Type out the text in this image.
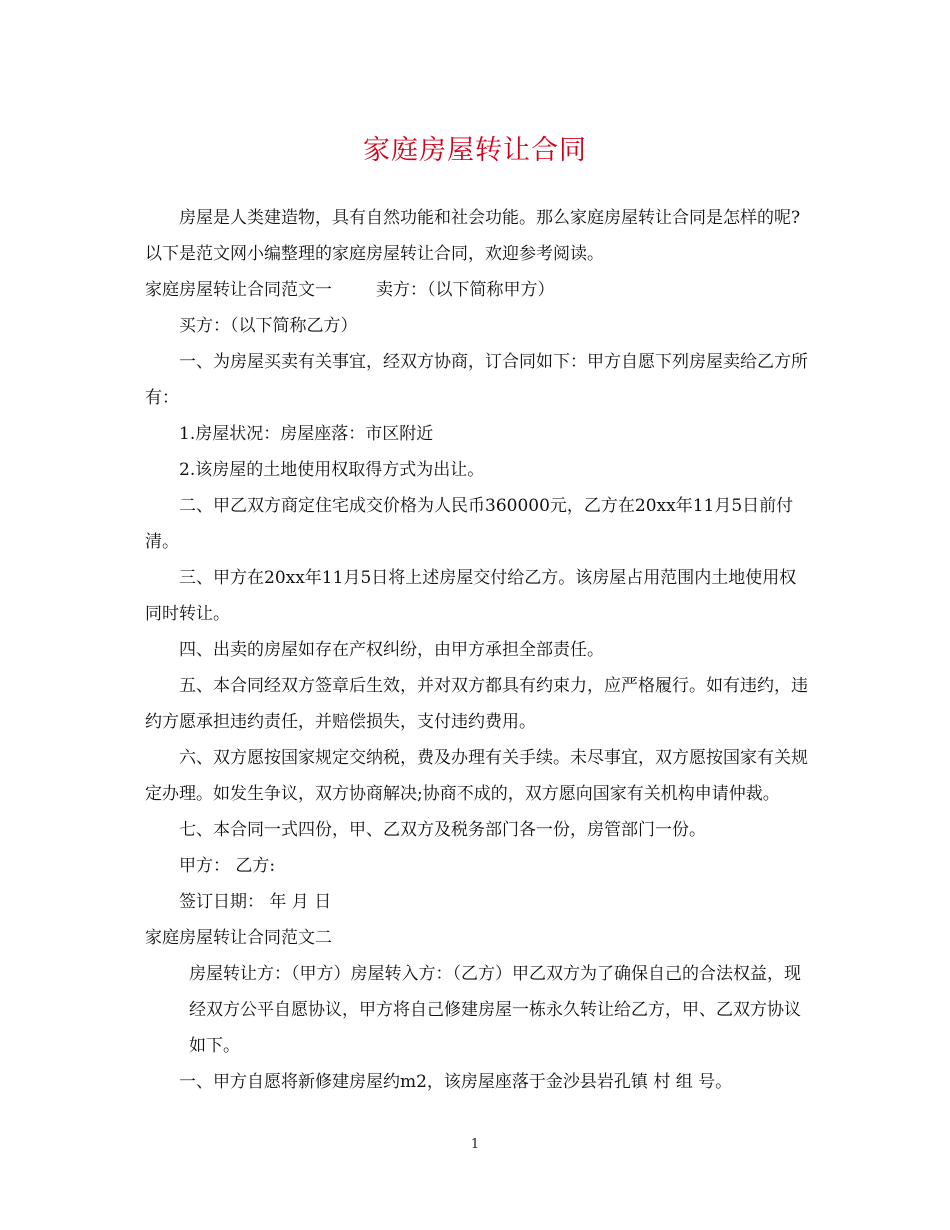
家庭房屋转让合同

房屋是人类建造物，具有自然功能和社会功能。那么家庭房屋转让合同是怎样的呢?以下是范文网小编整理的家庭房屋转让合同，欢迎参考阅读。

家庭房屋转让合同范文一	卖方：（以下简称甲方）

买方：（以下简称乙方）

一、为房屋买卖有关事宜，经双方协商，订合同如下：甲方自愿下列房屋卖给乙方所有：

1.房屋状况：房屋座落：市区附近

2.该房屋的土地使用权取得方式为出让。

二、甲乙双方商定住宅成交价格为人民币360000元，乙方在20xx年11月5日前付清。

三、甲方在20xx年11月5日将上述房屋交付给乙方。该房屋占用范围内土地使用权同时转让。

四、出卖的房屋如存在产权纠纷，由甲方承担全部责任。

五、本合同经双方签章后生效，并对双方都具有约束力，应严格履行。如有违约，违约方愿承担违约责任，并赔偿损失，支付违约费用。

六、双方愿按国家规定交纳税，费及办理有关手续。未尽事宜，双方愿按国家有关规定办理。如发生争议，双方协商解决;协商不成的，双方愿向国家有关机构申请仲裁。

七、本合同一式四份，甲、乙双方及税务部门各一份，房管部门一份。

甲方： 乙方:

签订日期： 年 月 日

家庭房屋转让合同范文二房屋转让方：（甲方）房屋转入方：（乙方）甲乙双方为了确保自己的合法权益，现经双方公平自愿协议，甲方将自己修建房屋一栋永久转让给乙方，甲、乙双方协议如下。

一、甲方自愿将新修建房屋约m2，该房屋座落于金沙县岩孔镇 村 组 号。

1
